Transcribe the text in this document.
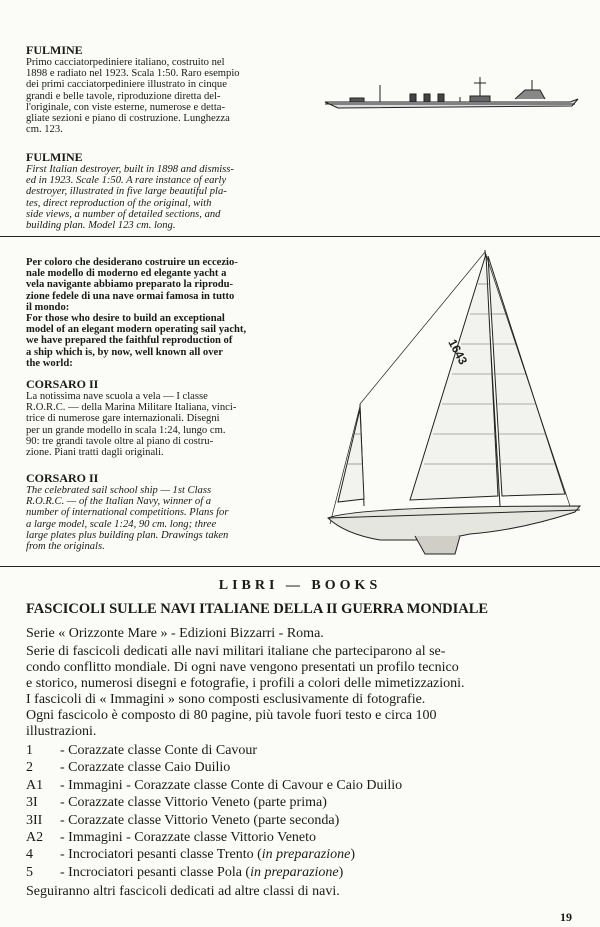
FULMINE
Primo cacciatorpediniere italiano, costruito nel
1898 e radiato nel 1923. Scala 1:50. Raro esempio
dei primi cacciatorpediniere illustrato in cinque
grandi e belle tavole, riproduzione diretta del-
l'originale, con viste esterne, numerose e detta-
gliate sezioni e piano di costruzione. Lunghezza
cm. 123.
FULMINE
First Italian destroyer, built in 1898 and dismiss-
ed in 1923. Scale 1:50. A rare instance of early
destroyer, illustrated in five large beautiful pla-
tes, direct reproduction of the original, with
side views, a number of detailed sections, and
building plan. Model 123 cm. long.
Per coloro che desiderano costruire un ecceziо-
nale modello di moderno ed elegante yacht a
vela navigante abbiamo preparato la riprodu-
zione fedele di una nave ormai famosa in tutto
il mondo:
For those who desire to build an exceptional
model of an elegant modern operating sail yacht,
we have prepared the faithful reproduction of
a ship which is, by now, well known all over
the world:
CORSARO II
La notissima nave scuola a vela — I classe
R.O.R.C. — della Marina Militare Italiana, vinci-
trice di numerose gare internazionali. Disegni
per un grande modello in scala 1:24, lungo cm.
90: tre grandi tavole oltre al piano di costru-
zione. Piani tratti dagli originali.
CORSARO II
The celebrated sail school ship — 1st Class
R.O.R.C. — of the Italian Navy, winner of a
number of international competitions. Plans for
a large model, scale 1:24, 90 cm. long; three
large plates plus building plan. Drawings taken
from the originals.
1643
LIBRI — BOOKS
FASCICOLI SULLE NAVI ITALIANE DELLA II GUERRA MONDIALE
Serie « Orizzonte Mare » - Edizioni Bizzarri - Roma.
Serie di fascicoli dedicati alle navi militari italiane che parteciparono al se-
condo conflitto mondiale. Di ogni nave vengono presentati un profilo tecnico
e storico, numerosi disegni e fotografie, i profili a colori delle mimetizzazioni.
I fascicoli di « Immagini » sono composti esclusivamente di fotografie.
Ogni fascicolo è composto di 80 pagine, più tavole fuori testo e circa 100
illustrazioni.
1	- Corazzate classe Conte di Cavour
2	- Corazzate classe Caio Duilio
A1	- Immagini - Corazzate classe Conte di Cavour e Caio Duilio
3I	- Corazzate classe Vittorio Veneto (parte prima)
3II	- Corazzate classe Vittorio Veneto (parte seconda)
A2	- Immagini - Corazzate classe Vittorio Veneto
4	- Incrociatori pesanti classe Trento ( in preparazione )
5	- Incrociatori pesanti classe Pola ( in preparazione )
Seguiranno altri fascicoli dedicati ad altre classi di navi.
19
